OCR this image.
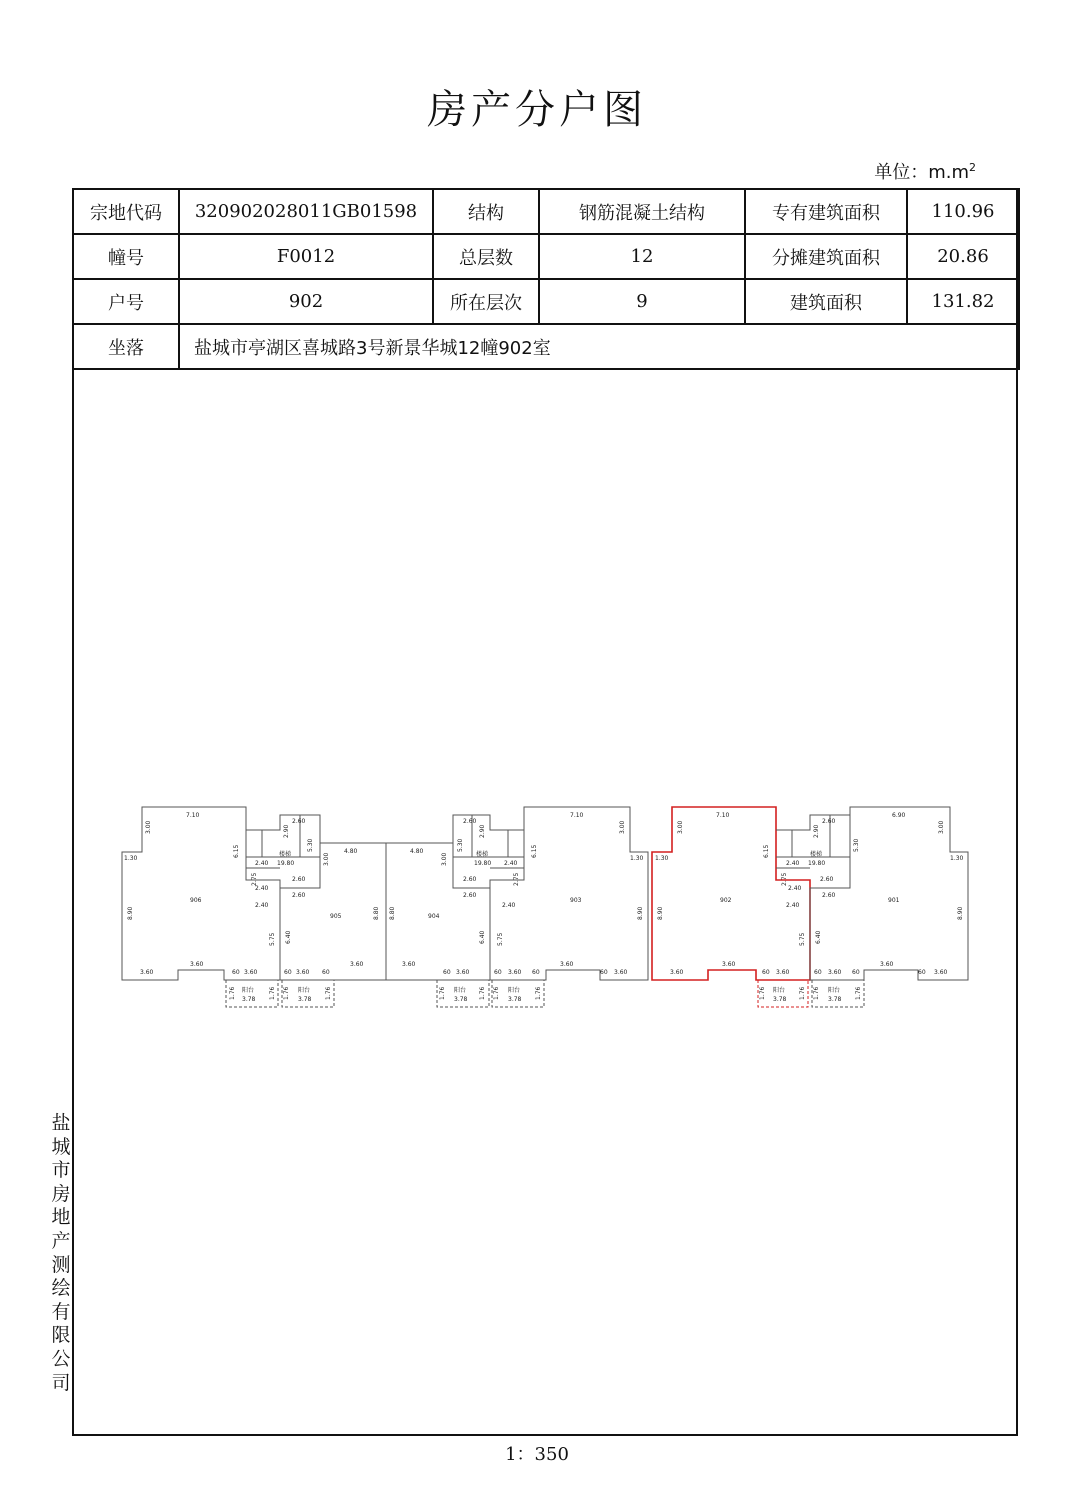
房产分户图
单位：$m.m^2$
宗地代码	320902028011GB01598	结构	钢筋混凝土结构	专有建筑面积	110.96
幢号	F0012	总层数	12	分摊建筑面积	20.86
户号	902	所在层次	9	建筑面积	131.82
坐落	盐城市亭湖区喜城路3号新景华城12幢902室				
906
905	904
903	902	901
7.10	7.10	7.10	6.90
1.30	1.30 1.30	1.30
2.60	2.60	2.60
4.80	4.80
2.40	2.40	2.40
19.80	19.80	19.80
楼梯	楼梯	楼梯
2.60	2.60	2.60
2.60	2.60	2.60
2.40
2.40	2.40	2.40
2.40
3.60
3.60
3.60	3.60
3.60	3.60
3.60	3.60
3.60
3.60	3.60
3.60
3.60	3.60
3.60
3.60
60	60	60	60	60	60	60	60	60	60	60
阳台	阳台	阳台	阳台	阳台	阳台
3.78	3.78	3.78	3.78	3.78	3.78
3.00	3.00	3.00	3.00
8.90	8.90 8.90	8.90
8.80 8.80
6.15	6.15	6.15
2.90	2.90	2.90
5.30	5.30	5.30
3.00	3.00
2.75	2.75	2.75
6.40	6.40	6.40
5.75	5.75	5.75
1.76	1.76 1.76	1.76	1.76	1.76 1.76	1.76	1.76	1.76 1.76	1.76
盐
城
市
房
地
产
测
绘
有
限
公
司
1：350
